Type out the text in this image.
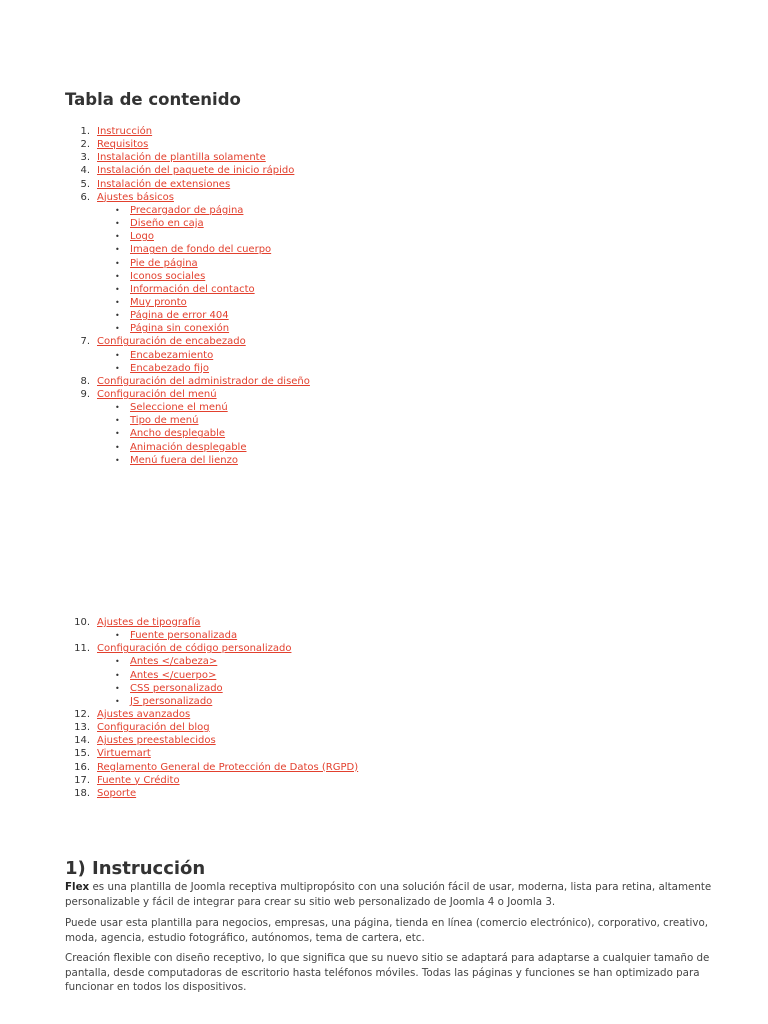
Tabla de contenido
1. Instrucción
2. Requisitos
3. Instalación de plantilla solamente
4. Instalación del paquete de inicio rápido
5. Instalación de extensiones
6. Ajustes básicos
• Precargador de página
• Diseño en caja
• Logo
• Imagen de fondo del cuerpo
• Pie de página
• Iconos sociales
• Información del contacto
• Muy pronto
• Página de error 404
• Página sin conexión
7. Configuración de encabezado
• Encabezamiento
• Encabezado fijo
8. Configuración del administrador de diseño
9. Configuración del menú
• Seleccione el menú
• Tipo de menú
• Ancho desplegable
• Animación desplegable
• Menú fuera del lienzo
10. Ajustes de tipografía
• Fuente personalizada
11. Configuración de código personalizado
• Antes </cabeza>
• Antes </cuerpo>
• CSS personalizado
• JS personalizado
12. Ajustes avanzados
13. Configuración del blog
14. Ajustes preestablecidos
15. Virtuemart
16. Reglamento General de Protección de Datos (RGPD)
17. Fuente y Crédito
18. Soporte
1) Instrucción

Flex es una plantilla de Joomla receptiva multipropósito con una solución fácil de usar, moderna, lista para retina, altamente personalizable y fácil de integrar para crear su sitio web personalizado de Joomla 4 o Joomla 3.

Puede usar esta plantilla para negocios, empresas, una página, tienda en línea (comercio electrónico), corporativo, creativo, moda, agencia, estudio fotográfico, autónomos, tema de cartera, etc.

Creación flexible con diseño receptivo, lo que significa que su nuevo sitio se adaptará para adaptarse a cualquier tamaño de pantalla, desde computadoras de escritorio hasta teléfonos móviles. Todas las páginas y funciones se han optimizado para funcionar en todos los dispositivos.
